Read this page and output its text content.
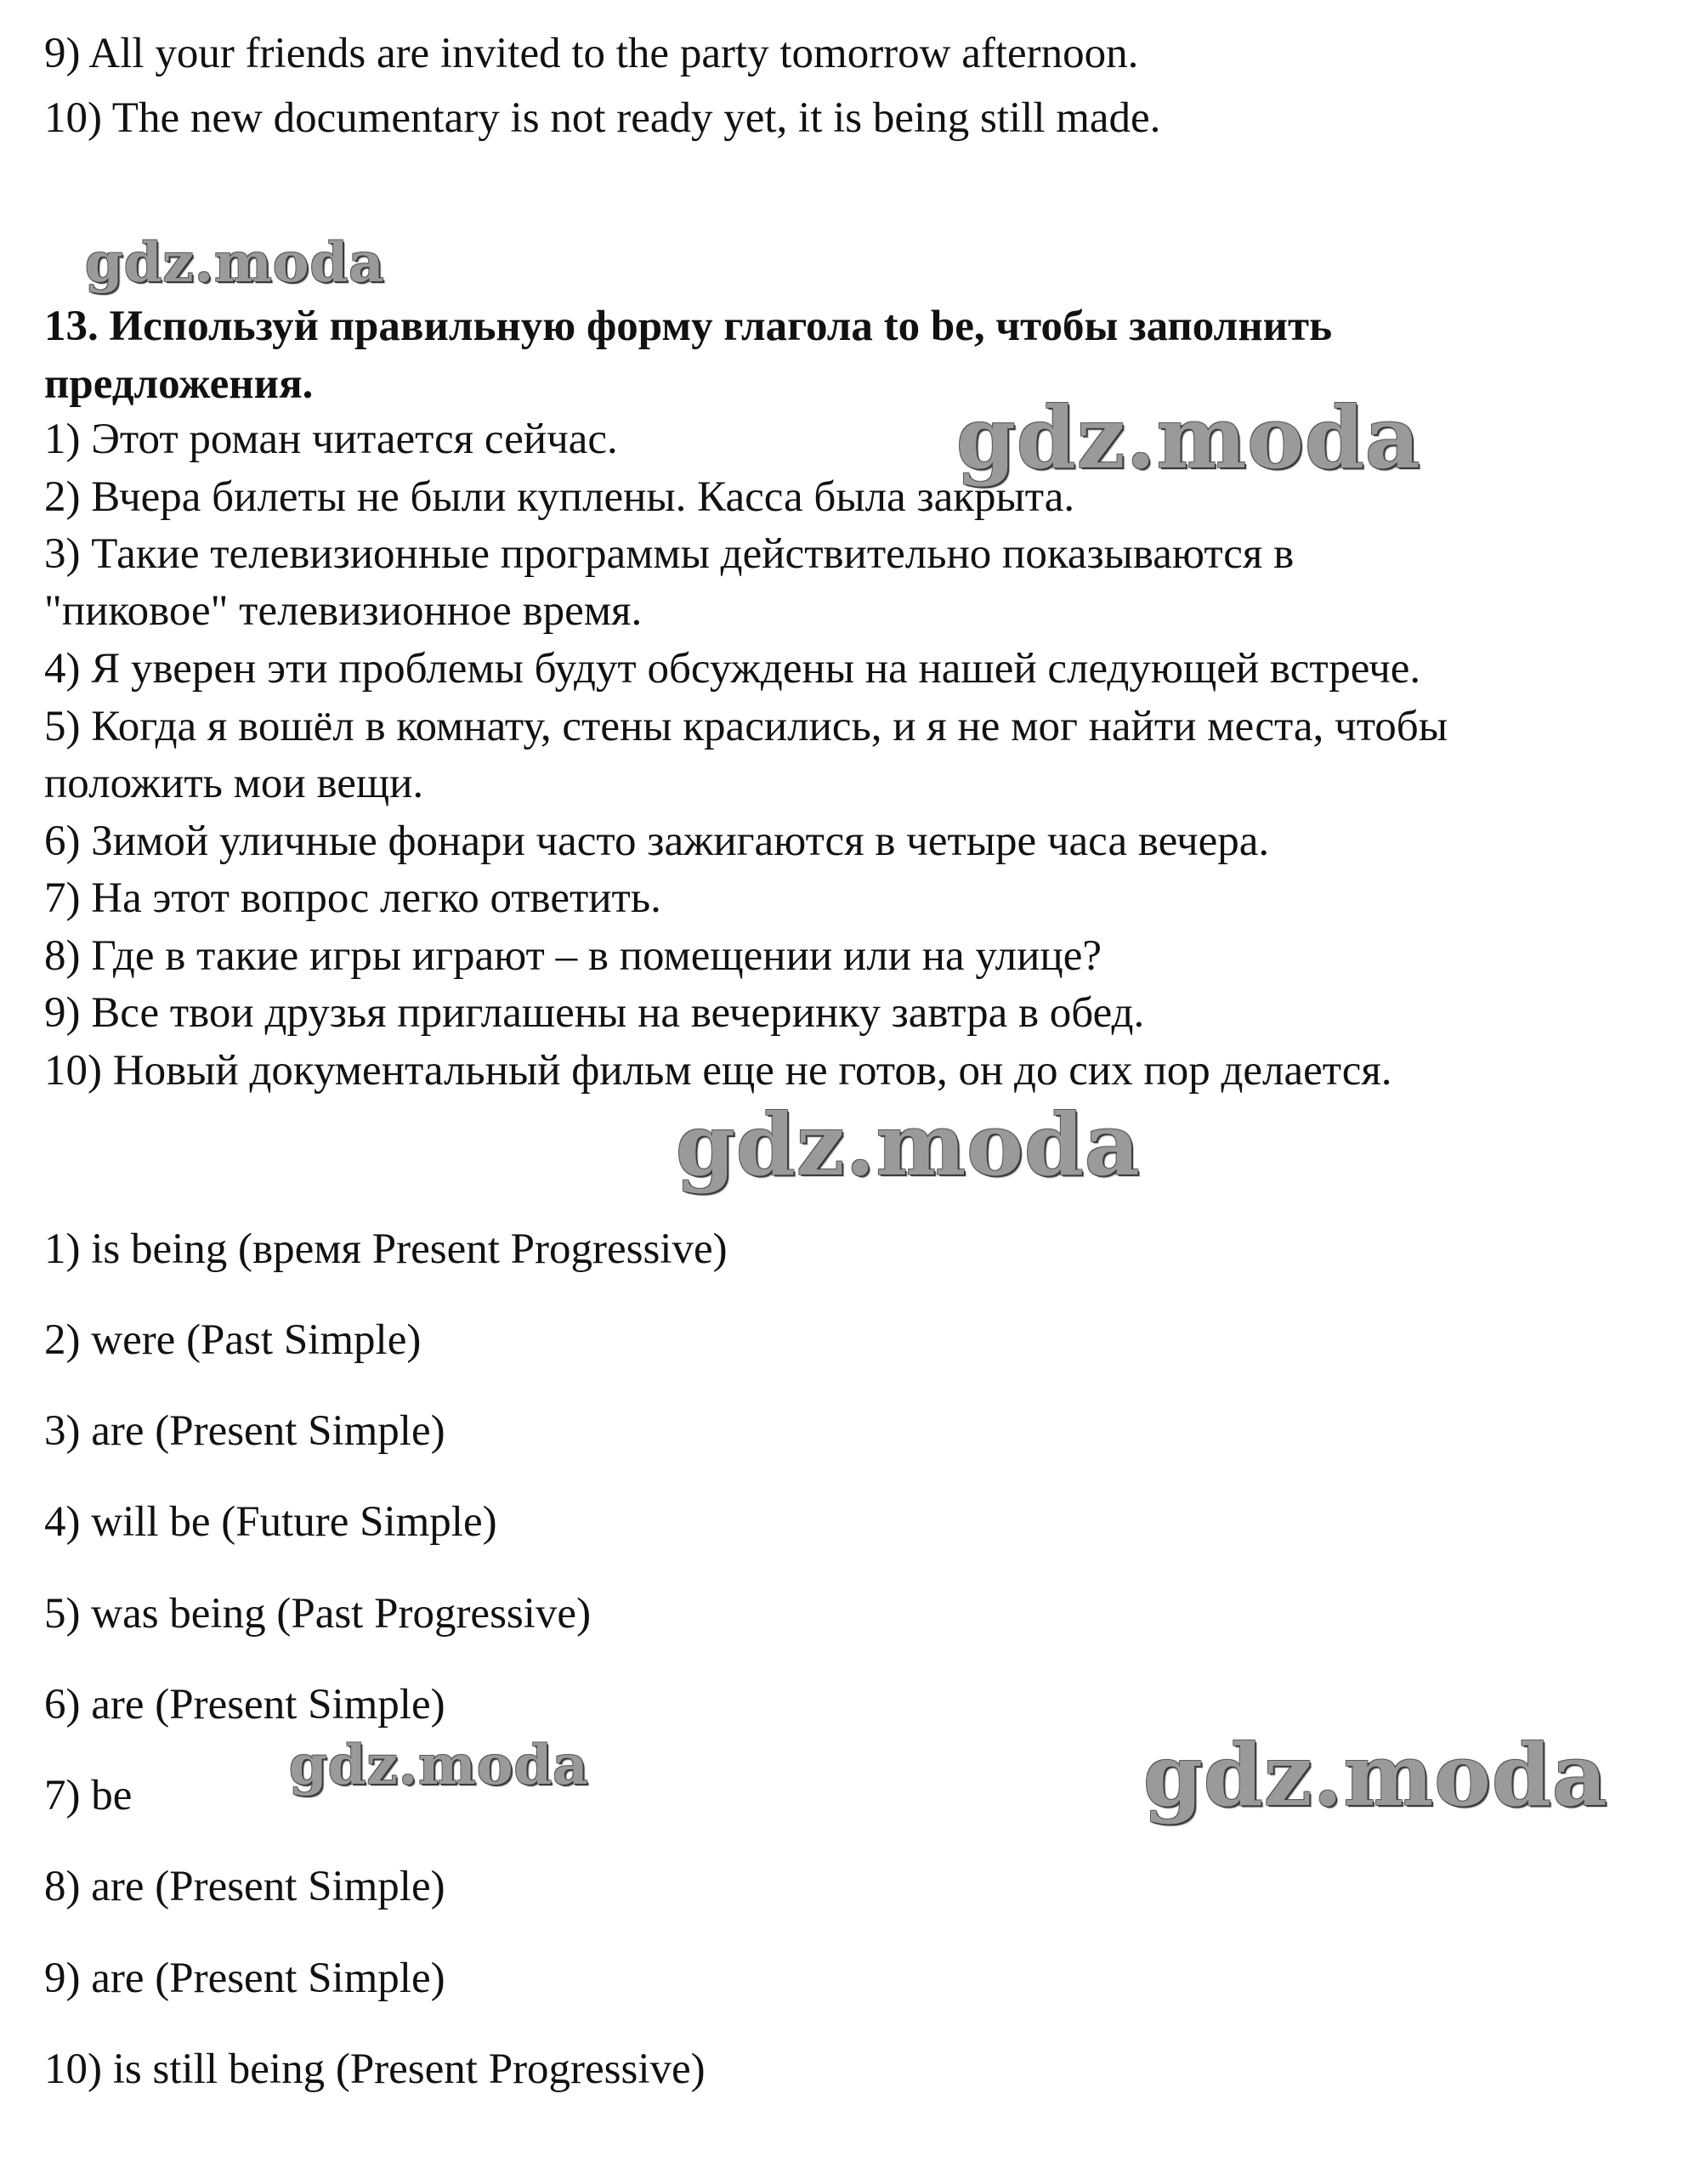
9) All your friends are invited to the party tomorrow afternoon.
10) The new documentary is not ready yet, it is being still made.
gdz.moda
gdz.moda
gdz.moda
gdz.moda	gdz.moda
13. Используй правильную форму глагола to be, чтобы заполнить
предложения.
1) Этот роман читается сейчас.
2) Вчера билеты не были куплены. Касса была закрыта.
3) Такие телевизионные программы действительно показываются в
"пиковое" телевизионное время.
4) Я уверен эти проблемы будут обсуждены на нашей следующей встрече.
5) Когда я вошёл в комнату, стены красились, и я не мог найти места, чтобы
положить мои вещи.
6) Зимой уличные фонари часто зажигаются в четыре часа вечера.
7) На этот вопрос легко ответить.
8) Где в такие игры играют – в помещении или на улице?
9) Все твои друзья приглашены на вечеринку завтра в обед.
10) Новый документальный фильм еще не готов, он до сих пор делается.
1) is being (время Present Progressive)
2) were (Past Simple)
3) are (Present Simple)
4) will be (Future Simple)
5) was being (Past Progressive)
6) are (Present Simple)
7) be
8) are (Present Simple)
9) are (Present Simple)
10) is still being (Present Progressive)
